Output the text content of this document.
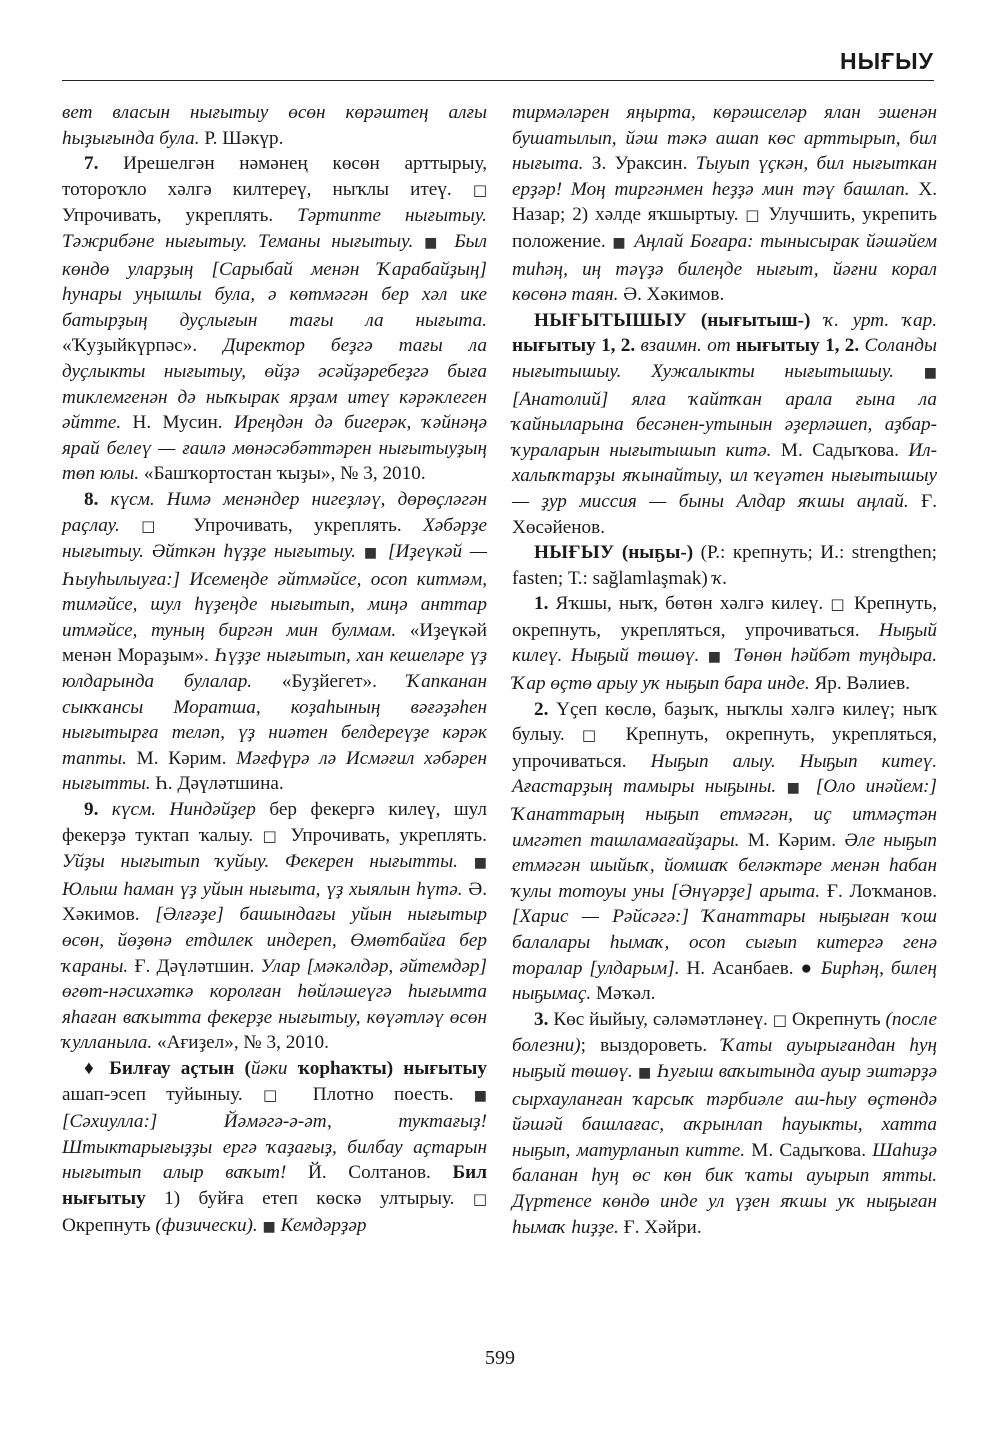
НЫҒЫУ

вет власын нығытыу өсөн көрәштең алғы һыҙығында була. Р. Шәкүр.

7. Ирешелгән нәмәнең көсөн арттырыу, тотороҡло хәлгә килтереү, ныҡлы итеү. □ Упрочивать, укреплять. Тәртипте нығытыу. Тәжрибәне нығытыу. Теманы нығытыу. ■ Был көндө уларҙың [Сарыбай менән Ҡарабайҙың] һунары уңышлы була, ә көтмәгән бер хәл ике батырҙың дуҫлығын тағы ла нығыта. «Ҡуҙыйкүрпәс». Директор беҙгә тағы ла дуҫлыкты нығытыу, өйҙә әсәйҙәребеҙгә быға тиклемгенән дә ныҡырак ярҙам итеү кәрәклеген әйтте. Н. Мусин. Иреңдән дә бигерәк, ҡәйнәңә ярай белеү — ғаилә мөнәсәбәттәрен нығытыуҙың төп юлы. «Башҡортостан ҡыҙы», № 3, 2010.

8. күсм. Нимә менәндер нигеҙләү, дөрөҫләгән раҫлау. □ Упрочивать, укреплять. Хәбәрҙе нығытыу. Әйткән һүҙҙе нығытыу. ■ [Иҙеүкәй — Һыуһылыуға:] Исемеңде әйтмәйсе, осоп китмәм, тимәйсе, шул һүҙеңде нығытып, миңә анттар итмәйсе, туның биргән мин булмам. «Иҙеүкәй менән Мораҙым». Һүҙҙе нығытып, хан кешеләре үҙ юлдарында булалар. «Буҙйегет». Ҡапканан сыкҡансы Моратша, коҙаһының вәғәҙәһен нығытырға теләп, үҙ ниәтен белдереүҙе кәрәк тапты. М. Кәрим. Мәғфүрә лә Исмәғил хәбәрен нығытты. Һ. Дәүләтшина.

9. күсм. Ниндәйҙер бер фекергә килеү, шул фекерҙә туктап ҡалыу. □ Упрочивать, укреплять. Уйҙы нығытып ҡуйыу. Фекерен нығытты. ■ Юлыш һаман үҙ уйын нығыта, үҙ хыялын һүтә. Ә. Хәкимов. [Әлғәҙе] башындағы уйын нығытыр өсөн, йөҙөнә етдилек индереп, Өмөтбайға бер ҡараны. Ғ. Дәүләтшин. Улар [мәкәлдәр, әйтемдәр] өгөт-нәсихәткә королған һөйләшеүгә һығымта яһаған ваҡытта фекерҙе нығытыу, көүәтләү өсөн ҡулланыла. «Ағиҙел», № 3, 2010.

♦ Билғау аҫтын (йәки ҡорһаҡты) нығытыу ашап-эсеп туйыныу. □ Плотно поесть. ■ [Сәхиулла:] Йәмәгә-ә-әт, туктағыҙ! Штыктарығыҙҙы ергә ҡаҙағыҙ, билбау аҫтарын нығытып алыр ваҡыт! Й. Солтанов. Бил нығытыу 1) буйға етеп көскә ултырыу. □ Окрепнуть (физически). ■ Кемдәрҙәр

тирмәләрен яңырта, көрәшселәр ялан эшенән бушатылып, йәш тәкә ашап көс арттырып, бил нығыта. З. Ураксин. Тыуып үҫкән, бил нығыткан ерҙәр! Моң тиргәнмен һеҙҙә мин тәү башлап. Х. Назар; 2) хәлде яҡшыртыу. □ Улучшить, укрепить положение. ■ Аңлай Боғара: тынысырак йәшәйем тиһәң, иң тәүҙә билеңде нығыт, йәғни корал көсөнә таян. Ә. Хәкимов.

НЫҒЫТЫШЫУ (нығытыш-) ҡ. урт. ҡар. нығытыу 1, 2. взаимн. от нығытыу 1, 2. Соланды нығытышыу. Хужалыкты нығытышыу. ■ [Анатолий] ялға ҡайтҡан арала ғына ла ҡайныларына бесәнен-утынын әҙерләшеп, аҙбар-ҡураларын нығытышып китә. М. Садыҡова. Ил-халыҡтарҙы яҡынайтыу, ил ҡеүәтен нығытышыу — ҙур миссия — быны Алдар яҡшы аңлай. Ғ. Хөсәйенов.

НЫҒЫУ (ныҕы-) (Р.: крепнуть; И.: strengthen; fasten; Т.: sağlamlaşmak) ҡ.

1. Яҡшы, ныҡ, бөтөн хәлгә килеү. □ Крепнуть, окрепнуть, укрепляться, упрочиваться. Ныҕый килеү. Ныҕый төшөү. ■ Төнөн һәйбәт туңдыра. Ҡар өҫтө арыу уҡ ныҕып бара инде. Яр. Вәлиев.

2. Үҫеп көслө, баҙыҡ, ныҡлы хәлгә килеү; ныҡ булыу. □ Крепнуть, окрепнуть, укрепляться, упрочиваться. Ныҕып алыу. Ныҕып китеү. Ағастарҙың тамыры ныҕыны. ■ [Оло инәйем:] Ҡанаттарың ныҕып етмәгән, иҫ итмәҫтән имгәтеп ташламағайҙары. М. Кәрим. Әле ныҕып етмәгән шыйыҡ, йомшаҡ беләктәре менән һабан ҡулы тотоуы уны [Әнүәрҙе] арыта. Ғ. Лоҡманов. [Харис — Рәйсәгә:] Ҡанаттары ныҕыған ҡош балалары һымаҡ, осоп сығып китергә генә торалар [улдарым]. Н. Асанбаев. ● Бирһәң, билең ныҕымаҫ. Мәҡәл.

3. Көс йыйыу, сәләмәтләнеү. □ Окрепнуть (после болезни); выздороветь. Ҡаты ауырығандан һуң ныҕый төшөү. ■ Һуғыш ваҡытында ауыр эштәрҙә сырхауланған ҡарсыҡ тәрбиәле аш-һыу өҫтөндә йәшәй башлағас, аҡрынлап һауыкты, хатта ныҕып, матурланып китте. М. Садыҡова. Шаһиҙә баланан һуң өс көн бик ҡаты ауырып ятты. Дүртенсе көндө инде ул үҙен яҡшы уҡ ныҕыған һымаҡ һиҙҙе. Ғ. Хәйри.

599
